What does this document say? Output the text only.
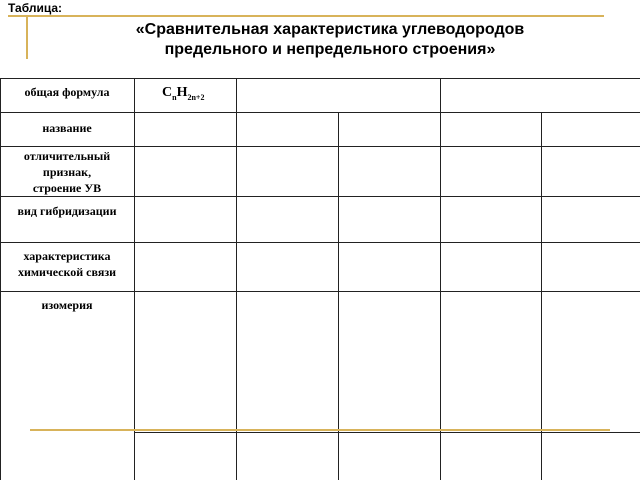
Таблица:
«Сравнительная характеристика углеводородов
предельного и непредельного строения»
общая формула
название
отличительный
признак,
строение УВ
вид гибридизации
характеристика
химической связи
изомерия
$C_nH_{2n+2}$
